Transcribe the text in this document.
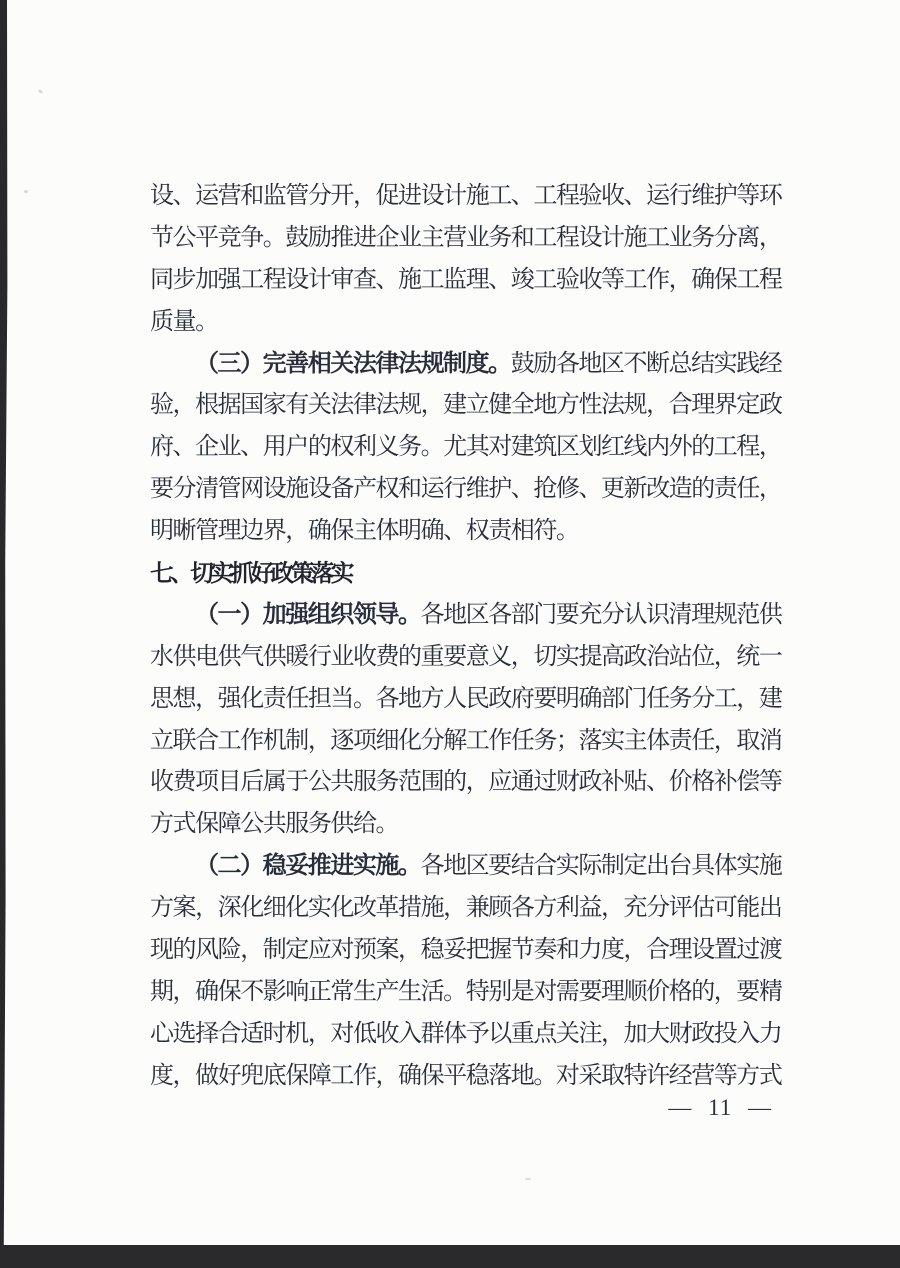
设、运营和监管分开，促进设计施工、工程验收、运行维护等环
节公平竞争。鼓励推进企业主营业务和工程设计施工业务分离，
同步加强工程设计审查、施工监理、竣工验收等工作，确保工程
质量。
（三）完善相关法律法规制度。鼓励各地区不断总结实践经
验，根据国家有关法律法规，建立健全地方性法规，合理界定政
府、企业、用户的权利义务。尤其对建筑区划红线内外的工程，
要分清管网设施设备产权和运行维护、抢修、更新改造的责任，
明晰管理边界，确保主体明确、权责相符。
七、切实抓好政策落实
（一）加强组织领导。各地区各部门要充分认识清理规范供
水供电供气供暖行业收费的重要意义，切实提高政治站位，统一
思想，强化责任担当。各地方人民政府要明确部门任务分工，建
立联合工作机制，逐项细化分解工作任务；落实主体责任，取消
收费项目后属于公共服务范围的，应通过财政补贴、价格补偿等
方式保障公共服务供给。
（二）稳妥推进实施。各地区要结合实际制定出台具体实施
方案，深化细化实化改革措施，兼顾各方利益，充分评估可能出
现的风险，制定应对预案，稳妥把握节奏和力度，合理设置过渡
期，确保不影响正常生产生活。特别是对需要理顺价格的，要精
心选择合适时机，对低收入群体予以重点关注，加大财政投入力
度，做好兜底保障工作，确保平稳落地。对采取特许经营等方式
— 11 —
